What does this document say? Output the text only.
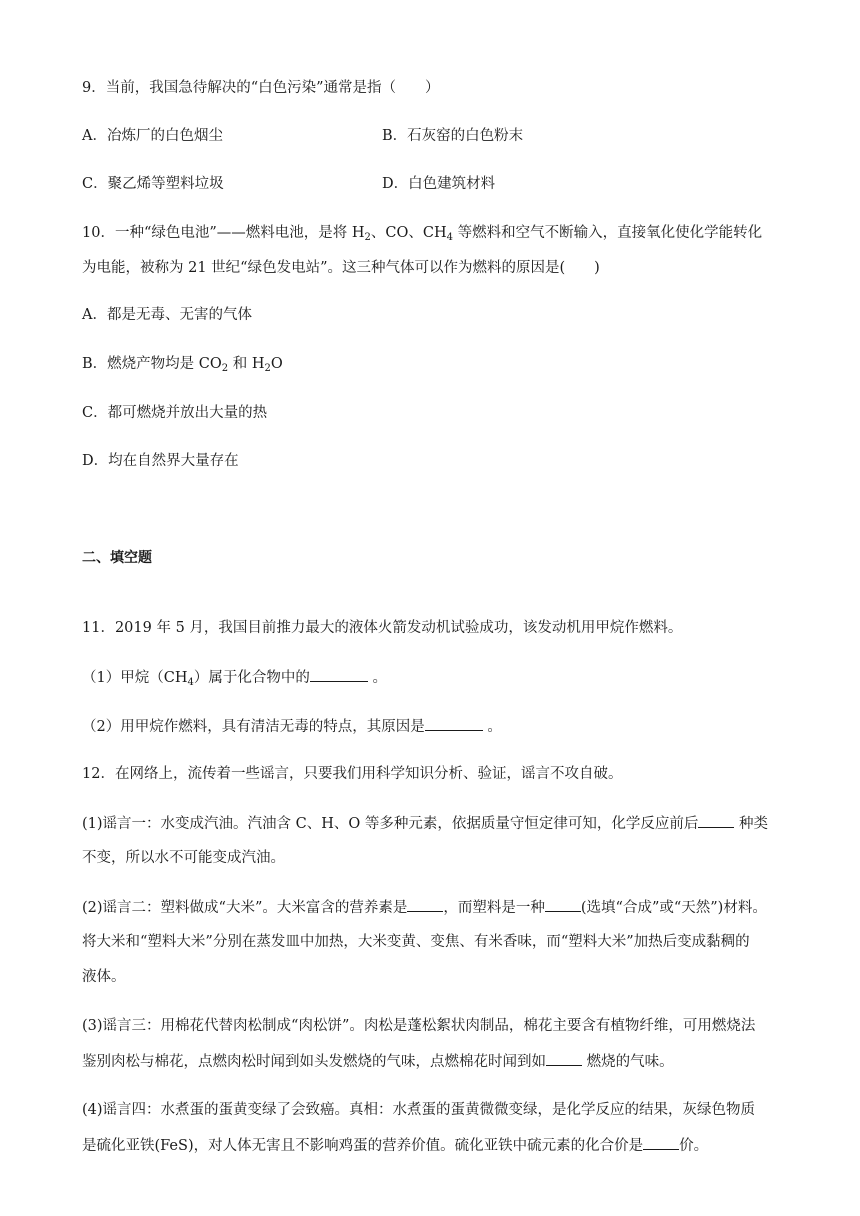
9．当前，我国急待解决的“白色污染”通常是指（　　）
A．冶炼厂的白色烟尘	B．石灰窑的白色粉末
C．聚乙烯等塑料垃圾	D．白色建筑材料
10．一种“绿色电池”——燃料电池，是将 $H_2$、CO、$CH_4$ 等燃料和空气不断输入，直接氧化使化学能转化
为电能，被称为 21 世纪“绿色发电站”。这三种气体可以作为燃料的原因是(　　)
A．都是无毒、无害的气体
B．燃烧产物均是 $CO_2$ 和 $H_2O$
C．都可燃烧并放出大量的热
D．均在自然界大量存在
二、填空题
11．2019 年 5 月，我国目前推力最大的液体火箭发动机试验成功，该发动机用甲烷作燃料。
（1）甲烷$(CH_4)$属于化合物中的	。
（2）用甲烷作燃料，具有清洁无毒的特点，其原因是	。
12．在网络上，流传着一些谣言，只要我们用科学知识分析、验证，谣言不攻自破。
(1)谣言一：水变成汽油。汽油含 C、H、O 等多种元素，依据质量守恒定律可知，化学反应前后 种类
不变，所以水不可能变成汽油。
(2)谣言二：塑料做成“大米”。大米富含的营养素是 ，而塑料是一种 (选填“合成”或“天然”)材料。
将大米和“塑料大米”分别在蒸发皿中加热，大米变黄、变焦、有米香味，而“塑料大米”加热后变成黏稠的
液体。
(3)谣言三：用棉花代替肉松制成“肉松饼”。肉松是蓬松絮状肉制品，棉花主要含有植物纤维，可用燃烧法
鉴别肉松与棉花，点燃肉松时闻到如头发燃烧的气味，点燃棉花时闻到如 燃烧的气味。
(4)谣言四：水煮蛋的蛋黄变绿了会致癌。真相：水煮蛋的蛋黄微微变绿，是化学反应的结果，灰绿色物质
是硫化亚铁(FeS)，对人体无害且不影响鸡蛋的营养价值。硫化亚铁中硫元素的化合价是 价。
